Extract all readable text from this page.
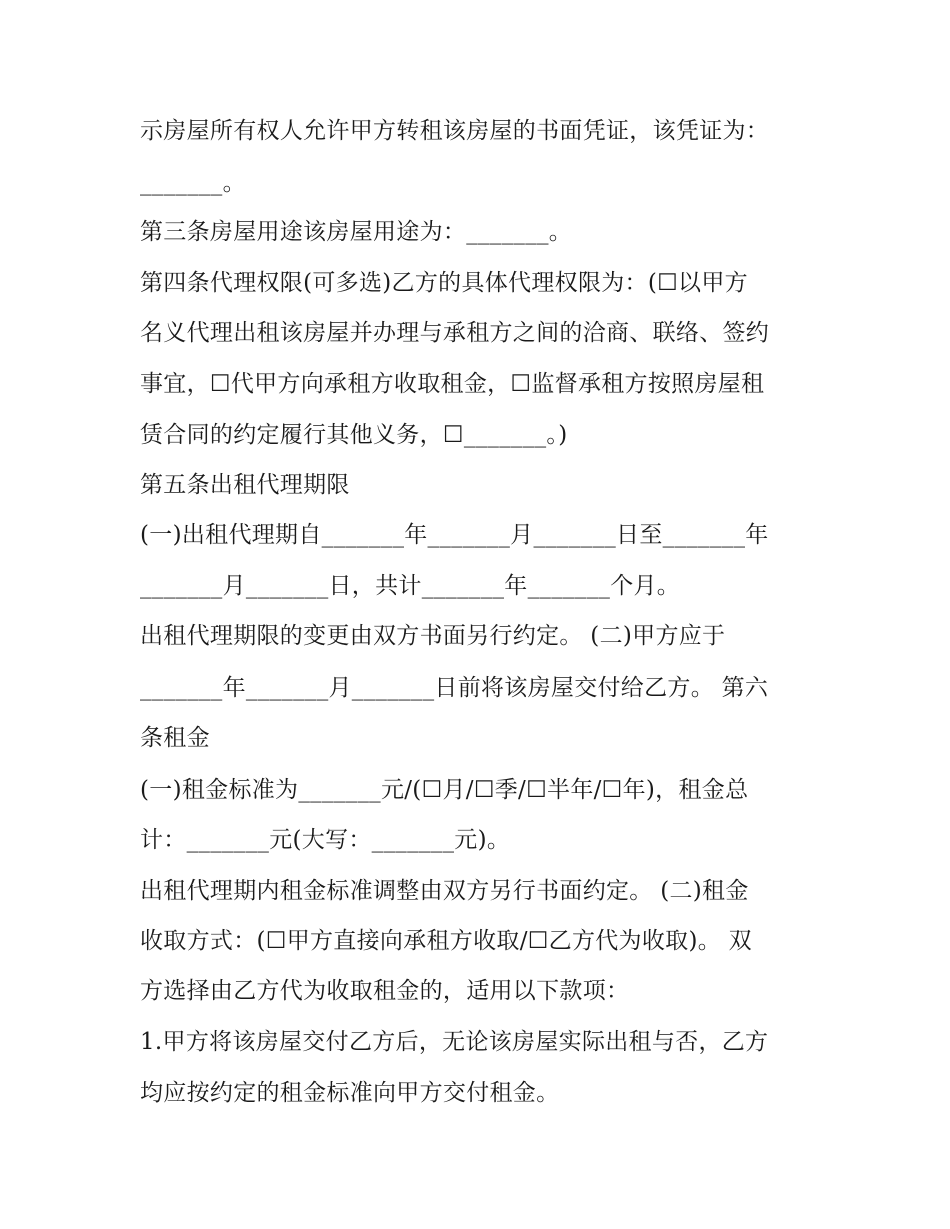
示房屋所有权人允许甲方转租该房屋的书面凭证，该凭证为：
_______。
第三条房屋用途该房屋用途为：_______。
第四条代理权限(可多选)乙方的具体代理权限为：(☐以甲方
名义代理出租该房屋并办理与承租方之间的洽商、联络、签约
事宜，☐代甲方向承租方收取租金，☐监督承租方按照房屋租
赁合同的约定履行其他义务，☐_______。)
第五条出租代理期限
(一)出租代理期自_______年_______月_______日至_______年
_______月_______日，共计_______年_______个月。
出租代理期限的变更由双方书面另行约定。 (二)甲方应于
_______年_______月_______日前将该房屋交付给乙方。 第六
条租金
(一)租金标准为_______元/(☐月/☐季/☐半年/☐年)，租金总
计：_______元(大写：_______元)。
出租代理期内租金标准调整由双方另行书面约定。 (二)租金
收取方式：(☐甲方直接向承租方收取/☐乙方代为收取)。 双
方选择由乙方代为收取租金的，适用以下款项：
1.甲方将该房屋交付乙方后，无论该房屋实际出租与否，乙方
均应按约定的租金标准向甲方交付租金。
